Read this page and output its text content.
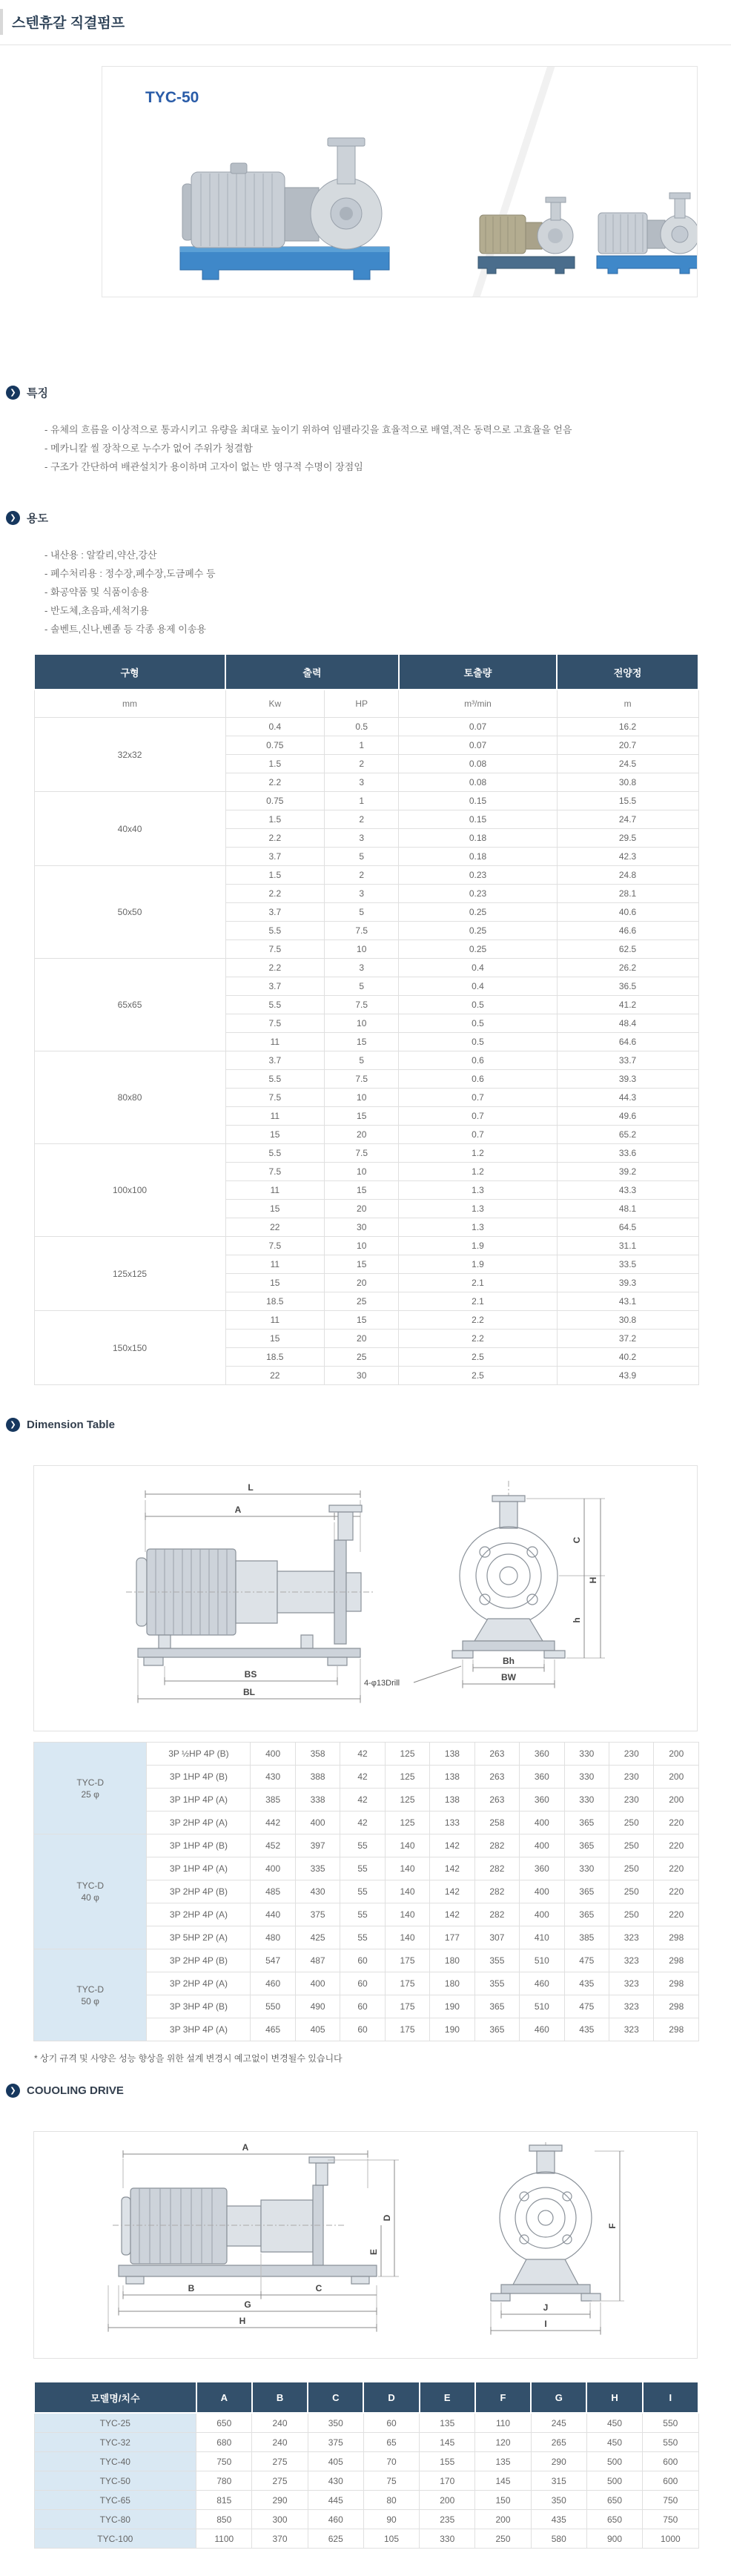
스텐휴갈 직결펌프
TYC-50
❯ 특징
- 유체의 흐름을 이상적으로 통과시키고 유량을 최대로 높이기 위하여 임펠라깃을 효율적으로 배열,적은 동력으로 고효율을 얻음
- 메카니칼 씰 장착으로 누수가 없어 주위가 청결함
- 구조가 간단하여 배관설치가 용이하며 고자이 없는 반 영구적 수명이 장점임
❯ 용도
- 내산용 : 알칼리,약산,강산
- 폐수처리용 : 정수장,폐수장,도금폐수 등
- 화공약품 및 식품이송용
- 반도체,초음파,세척기용
- 솔벤트,신나,벤졸 등 각종 용제 이송용
구형	출력		토출량	전양정
mm	Kw	HP	m³/min	m
32x32	0.4	0.5	0.07	16.2
	0.75	1	0.07	20.7
	1.5	2	0.08	24.5
	2.2	3	0.08	30.8
40x40	0.75	1	0.15	15.5
	1.5	2	0.15	24.7
	2.2	3	0.18	29.5
	3.7	5	0.18	42.3
50x50	1.5	2	0.23	24.8
	2.2	3	0.23	28.1
	3.7	5	0.25	40.6
	5.5	7.5	0.25	46.6
	7.5	10	0.25	62.5
65x65	2.2	3	0.4	26.2
	3.7	5	0.4	36.5
	5.5	7.5	0.5	41.2
	7.5	10	0.5	48.4
	11	15	0.5	64.6
80x80	3.7	5	0.6	33.7
	5.5	7.5	0.6	39.3
	7.5	10	0.7	44.3
	11	15	0.7	49.6
	15	20	0.7	65.2
100x100	5.5	7.5	1.2	33.6
	7.5	10	1.2	39.2
	11	15	1.3	43.3
	15	20	1.3	48.1
	22	30	1.3	64.5
125x125	7.5	10	1.9	31.1
	11	15	1.9	33.5
	15	20	2.1	39.3
	18.5	25	2.1	43.1
150x150	11	15	2.2	30.8
	15	20	2.2	37.2
	18.5	25	2.5	40.2
	22	30	2.5	43.9
❯ Dimension Table
L
A
BS
BL
Bh
BW
C
H
h
4-φ13Drill
TYC-D
25 φ	3P ½HP 4P (B)	400	358	42	125	138	263	360	330	230	200
	3P 1HP 4P (B)	430	388	42	125	138	263	360	330	230	200
	3P 1HP 4P (A)	385	338	42	125	138	263	360	330	230	200
	3P 2HP 4P (A)	442	400	42	125	133	258	400	365	250	220

TYC-D
40 φ	3P 1HP 4P (B)	452	397	55	140	142	282	400	365	250	220
	3P 1HP 4P (A)	400	335	55	140	142	282	360	330	250	220
	3P 2HP 4P (B)	485	430	55	140	142	282	400	365	250	220
	3P 2HP 4P (A)	440	375	55	140	142	282	400	365	250	220
	3P 5HP 2P (A)	480	425	55	140	177	307	410	385	323	298

TYC-D
50 φ	3P 2HP 4P (B)	547	487	60	175	180	355	510	475	323	298
	3P 2HP 4P (A)	460	400	60	175	180	355	460	435	323	298
	3P 3HP 4P (B)	550	490	60	175	190	365	510	475	323	298
	3P 3HP 4P (A)	465	405	60	175	190	365	460	435	323	298
* 상기 규격 및 사양은 성능 향상을 위한 설계 변경시 예고없이 변경될수 있습니다
❯ COUOLING DRIVE
A
B	C
G
H
D
E
F
J
I
모델명/치수	A	B	C	D	E	F	G	H	I
TYC-25	650	240	350	60	135	110	245	450	550
TYC-32	680	240	375	65	145	120	265	450	550
TYC-40	750	275	405	70	155	135	290	500	600
TYC-50	780	275	430	75	170	145	315	500	600
TYC-65	815	290	445	80	200	150	350	650	750
TYC-80	850	300	460	90	235	200	435	650	750
TYC-100	1100	370	625	105	330	250	580	900	1000
